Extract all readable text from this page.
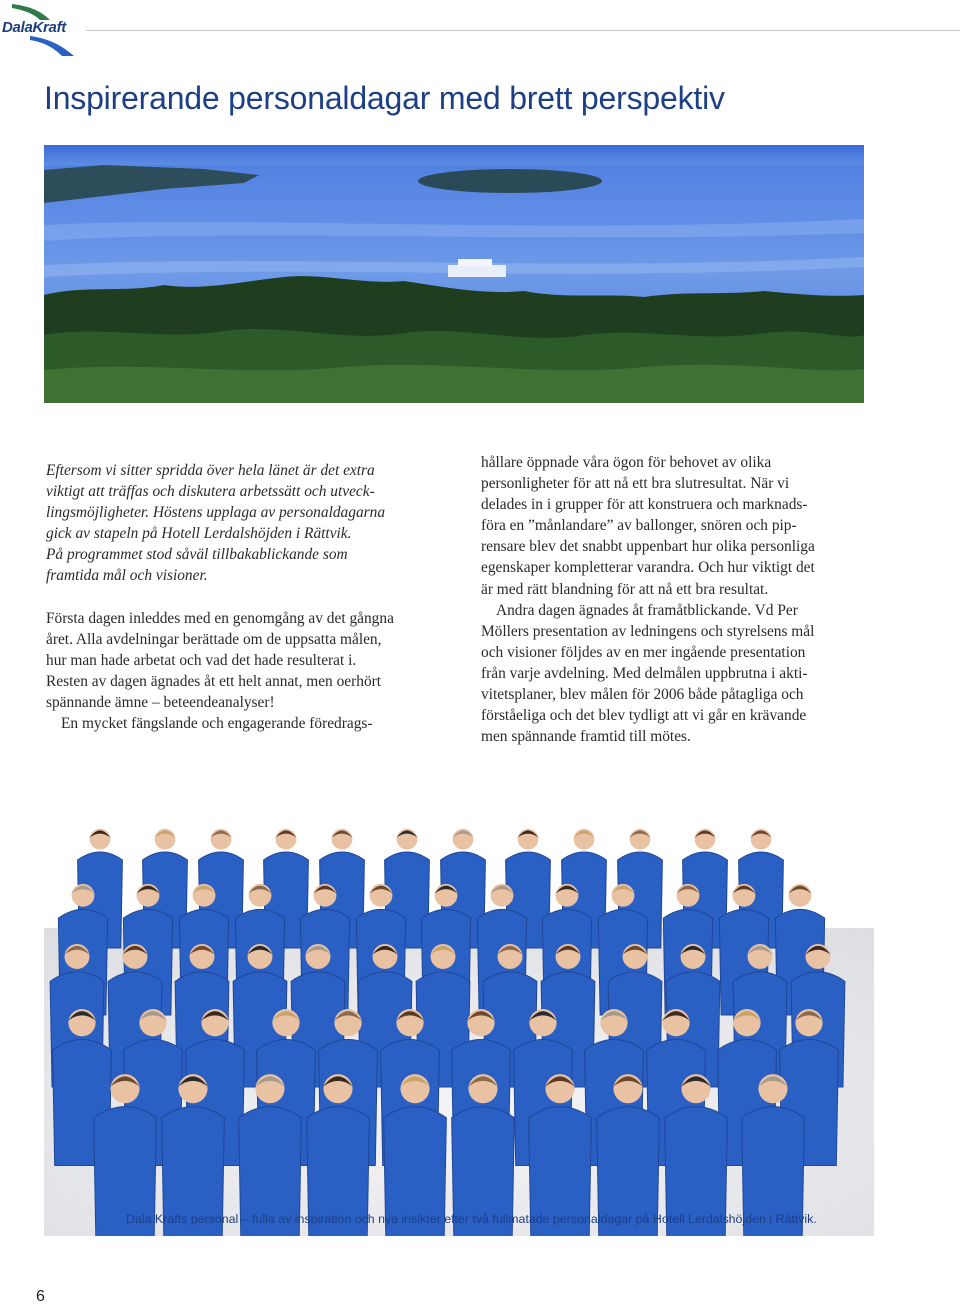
DalaKraft
Inspirerande personaldagar med brett perspektiv

Eftersom vi sitter spridda över hela länet är det extra
viktigt att träffas och diskutera arbetssätt och utveck-
lingsmöjligheter. Höstens upplaga av personaldagarna
gick av stapeln på Hotell Lerdalshöjden i Rättvik.
På programmet stod såväl tillbakablickande som
framtida mål och visioner.

Första dagen inleddes med en genomgång av det gångna
året. Alla avdelningar berättade om de uppsatta målen,
hur man hade arbetat och vad det hade resulterat i.
Resten av dagen ägnades åt ett helt annat, men oerhört
spännande ämne – beteendeanalyser!

En mycket fängslande och engagerande föredrags-

hållare öppnade våra ögon för behovet av olika
personligheter för att nå ett bra slutresultat. När vi
delades in i grupper för att konstruera och marknads-
föra en ”månlandare” av ballonger, snören och pip-
rensare blev det snabbt uppenbart hur olika personliga
egenskaper kompletterar varandra. Och hur viktigt det
är med rätt blandning för att nå ett bra resultat.

Andra dagen ägnades åt framåtblickande. Vd Per
Möllers presentation av ledningens och styrelsens mål
och visioner följdes av en mer ingående presentation
från varje avdelning. Med delmålen uppbrutna i akti-
vitetsplaner, blev målen för 2006 både påtagliga och
förståeliga och det blev tydligt att vi går en krävande
men spännande framtid till mötes.

Dala Krafts personal – fulla av inspiration och nya insikter efter två fullmatade personaldagar på Hotell Lerdalshöjden i Rättvik.

6
